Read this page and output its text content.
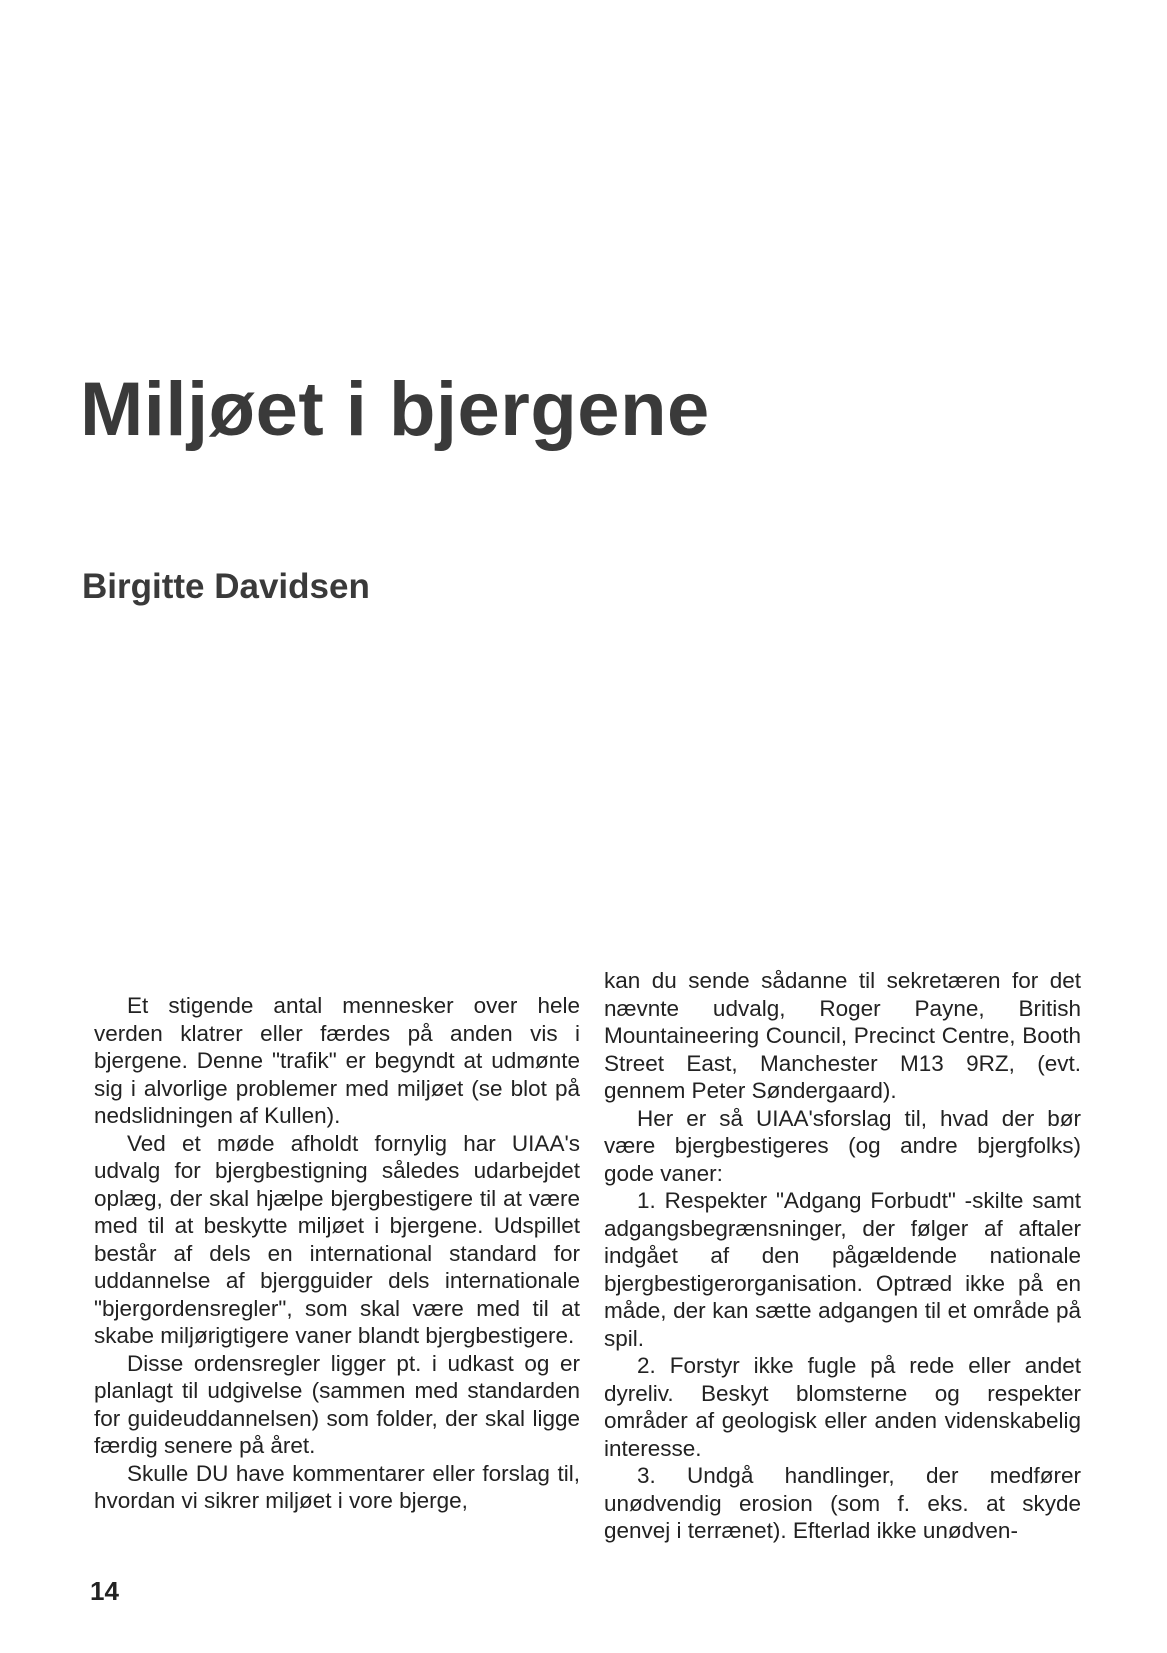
Miljøet i bjergene
Birgitte Davidsen

Et stigende antal mennesker over hele verden klatrer eller færdes på anden vis i bjergene. Denne "trafik" er begyndt at udmønte sig i alvorlige problemer med miljøet (se blot på nedslidningen af Kullen).

Ved et møde afholdt fornylig har UIAA's udvalg for bjergbestigning således udarbejdet oplæg, der skal hjælpe bjergbestigere til at være med til at beskytte miljøet i bjergene. Udspillet består af dels en international standard for uddannelse af bjergguider dels internationale "bjergordensregler", som skal være med til at skabe miljørigtigere vaner blandt bjergbestigere.

Disse ordensregler ligger pt. i udkast og er planlagt til udgivelse (sammen med standarden for guideuddannelsen) som folder, der skal ligge færdig senere på året.

Skulle DU have kommentarer eller forslag til, hvordan vi sikrer miljøet i vore bjerge,

kan du sende sådanne til sekretæren for det nævnte udvalg, Roger Payne, British Mountaineering Council, Precinct Centre, Booth Street East, Manchester M13 9RZ, (evt. gennem Peter Søndergaard).

Her er så UIAA'sforslag til, hvad der bør være bjergbestigeres (og andre bjergfolks) gode vaner:

1. Respekter "Adgang Forbudt" -skilte samt adgangsbegrænsninger, der følger af aftaler indgået af den pågældende nationale bjergbestigerorganisation. Optræd ikke på en måde, der kan sætte adgangen til et område på spil.

2. Forstyr ikke fugle på rede eller andet dyreliv. Beskyt blomsterne og respekter områder af geologisk eller anden videnskabelig interesse.

3. Undgå handlinger, der medfører unødvendig erosion (som f. eks. at skyde genvej i terrænet). Efterlad ikke unødven-

14
